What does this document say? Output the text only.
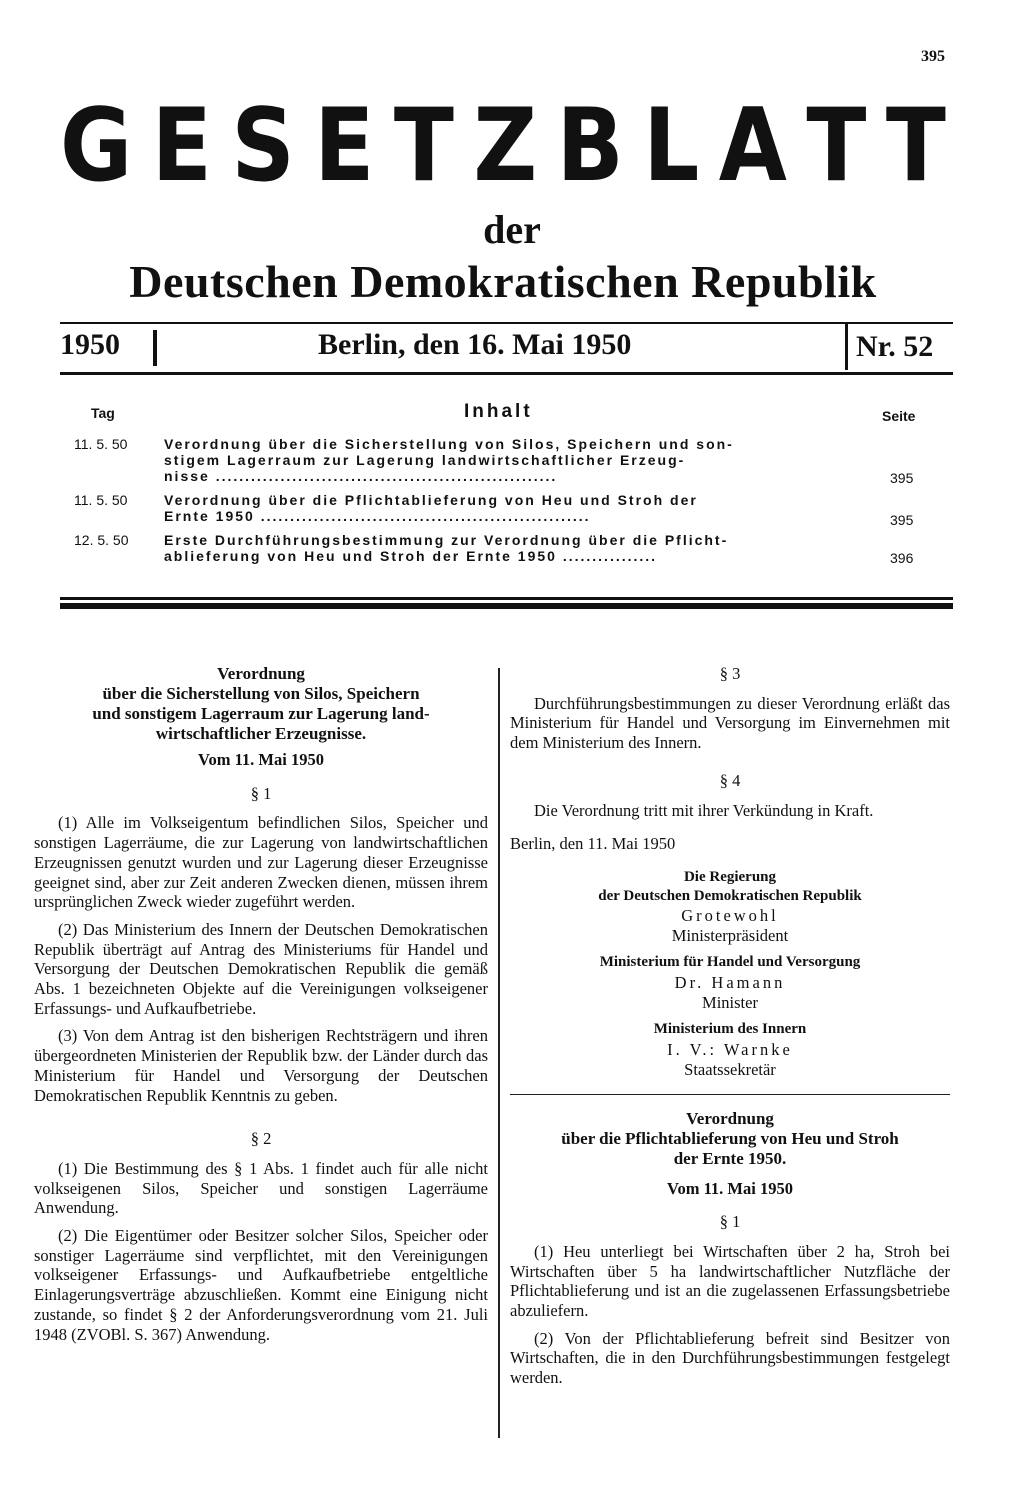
395
G E S E T Z B L A T T
der
Deutschen Demokratischen Republik
1950	Berlin, den 16. Mai 1950	Nr. 52
Tag	Inhalt	Seite
11. 5. 50	Verordnung über die Sicherstellung von Silos, Speichern und son-
stigem Lagerraum zur Lagerung landwirtschaftlicher Erzeug-
nisse ..........................................................	395
11. 5. 50	Verordnung über die Pflichtablieferung von Heu und Stroh der
Ernte 1950 ........................................................	395
12. 5. 50	Erste Durchführungsbestimmung zur Verordnung über die Pflicht-
ablieferung von Heu und Stroh der Ernte 1950 ................	396
Verordnung
über die Sicherstellung von Silos, Speichern
und sonstigem Lagerraum zur Lagerung land-
wirtschaftlicher Erzeugnisse.
Vom 11. Mai 1950
§ 1

(1) Alle im Volkseigentum befindlichen Silos, Speicher und sonstigen Lagerräume, die zur Lagerung von landwirtschaftlichen Erzeugnissen genutzt wurden und zur Lagerung dieser Erzeugnisse geeignet sind, aber zur Zeit anderen Zwecken dienen, müssen ihrem ursprünglichen Zweck wieder zugeführt werden.

(2) Das Ministerium des Innern der Deutschen Demokratischen Republik überträgt auf Antrag des Ministeriums für Handel und Versorgung der Deutschen Demokratischen Republik die gemäß Abs. 1 bezeichneten Objekte auf die Vereinigungen volkseigener Erfassungs- und Aufkaufbetriebe.

(3) Von dem Antrag ist den bisherigen Rechtsträgern und ihren übergeordneten Ministerien der Republik bzw. der Länder durch das Ministerium für Handel und Versorgung der Deutschen Demokratischen Republik Kenntnis zu geben.

§ 2

(1) Die Bestimmung des § 1 Abs. 1 findet auch für alle nicht volkseigenen Silos, Speicher und sonstigen Lagerräume Anwendung.

(2) Die Eigentümer oder Besitzer solcher Silos, Speicher oder sonstiger Lagerräume sind verpflichtet, mit den Vereinigungen volkseigener Erfassungs- und Aufkaufbetriebe entgeltliche Einlagerungsverträge abzuschließen. Kommt eine Einigung nicht zustande, so findet § 2 der Anforderungsverordnung vom 21. Juli 1948 (ZVOBl. S. 367) Anwendung.

§ 3

Durchführungsbestimmungen zu dieser Verordnung erläßt das Ministerium für Handel und Versorgung im Einvernehmen mit dem Ministerium des Innern.

§ 4

Die Verordnung tritt mit ihrer Verkündung in Kraft.

Berlin, den 11. Mai 1950

Die Regierung
der Deutschen Demokratischen Republik
Grotewohl
Ministerpräsident
Ministerium für Handel und Versorgung
Dr. Hamann
Minister
Ministerium des Innern
I. V.: Warnke
Staatssekretär
Verordnung
über die Pflichtablieferung von Heu und Stroh
der Ernte 1950.
Vom 11. Mai 1950
§ 1

(1) Heu unterliegt bei Wirtschaften über 2 ha, Stroh bei Wirtschaften über 5 ha landwirtschaftlicher Nutzfläche der Pflichtablieferung und ist an die zugelassenen Erfassungsbetriebe abzuliefern.

(2) Von der Pflichtablieferung befreit sind Besitzer von Wirtschaften, die in den Durchführungsbestimmungen festgelegt werden.
